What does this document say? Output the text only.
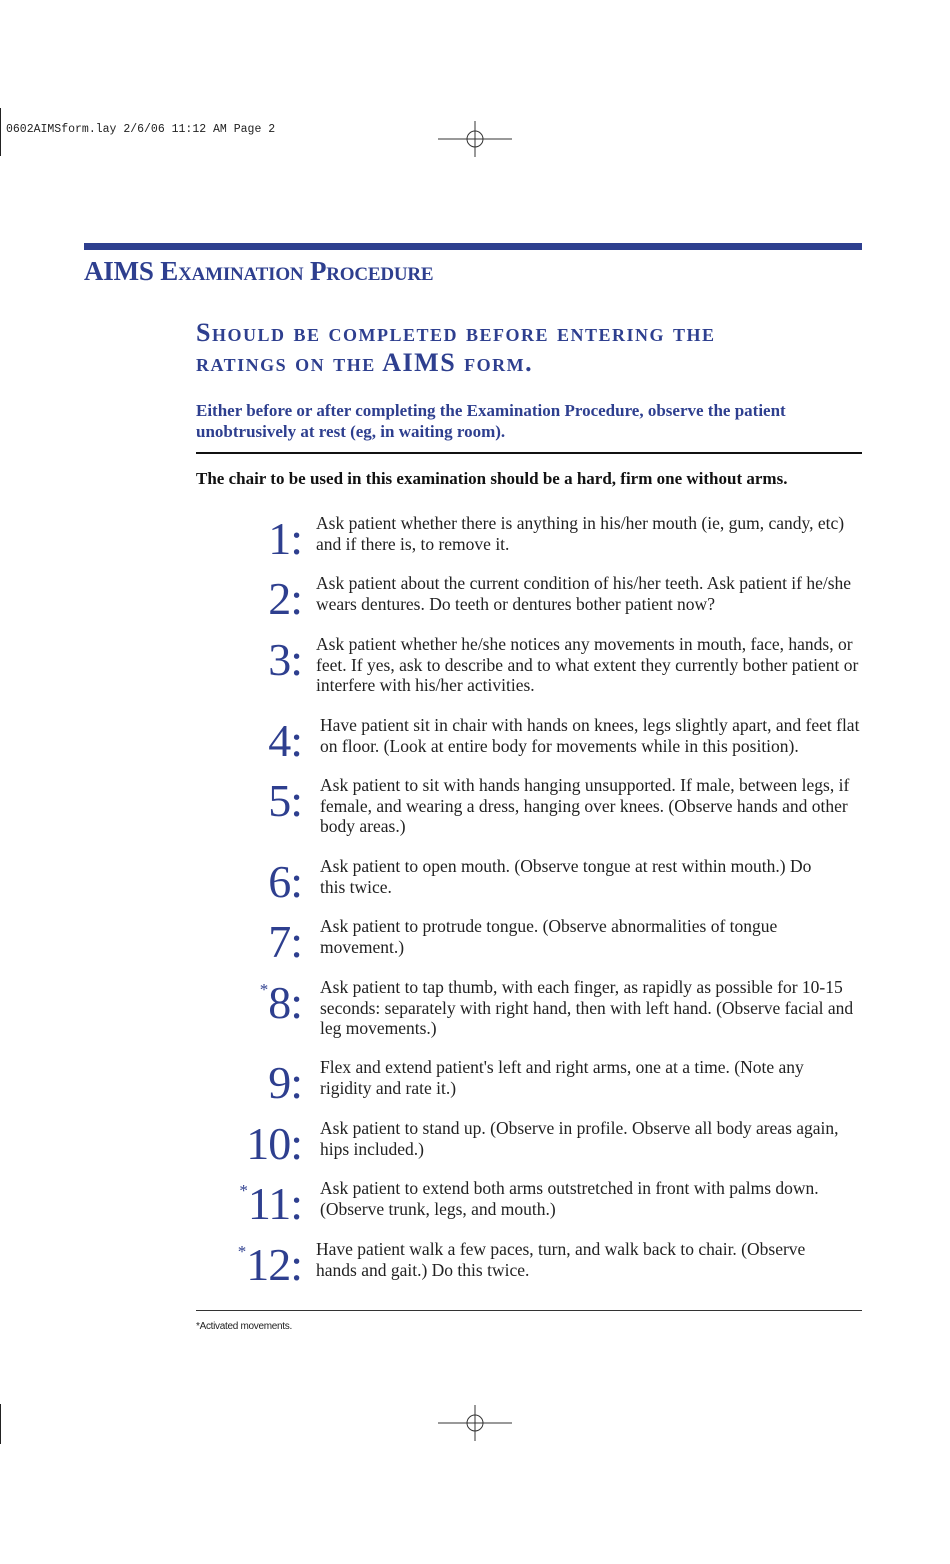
0602AIMSform.lay 2/6/06 11:12 AM Page 2
AIMS Examination Procedure
Should be completed before entering the
ratings on the AIMS form.

Either before or after completing the Examination Procedure, observe the patient unobtrusively at rest (eg, in waiting room).

The chair to be used in this examination should be a hard, firm one without arms.

1: Ask patient whether there is anything in his/her mouth (ie, gum, candy, etc) and if there is, to remove it.

2: Ask patient about the current condition of his/her teeth. Ask patient if he/she wears dentures. Do teeth or dentures bother patient now?

3: Ask patient whether he/she notices any movements in mouth, face, hands, or feet. If yes, ask to describe and to what extent they currently bother patient or interfere with his/her activities.

4: Have patient sit in chair with hands on knees, legs slightly apart, and feet flat on floor. (Look at entire body for movements while in this position).

5: Ask patient to sit with hands hanging unsupported. If male, between legs, if female, and wearing a dress, hanging over knees. (Observe hands and other body areas.)

6: Ask patient to open mouth. (Observe tongue at rest within mouth.) Do this twice.

7: Ask patient to protrude tongue. (Observe abnormalities of tongue movement.)

*8: Ask patient to tap thumb, with each finger, as rapidly as possible for 10-15 seconds: separately with right hand, then with left hand. (Observe facial and leg movements.)

9: Flex and extend patient's left and right arms, one at a time. (Note any rigidity and rate it.)

10: Ask patient to stand up. (Observe in profile. Observe all body areas again, hips included.)

*11: Ask patient to extend both arms outstretched in front with palms down. (Observe trunk, legs, and mouth.)

*12: Have patient walk a few paces, turn, and walk back to chair. (Observe hands and gait.) Do this twice.

*Activated movements.
